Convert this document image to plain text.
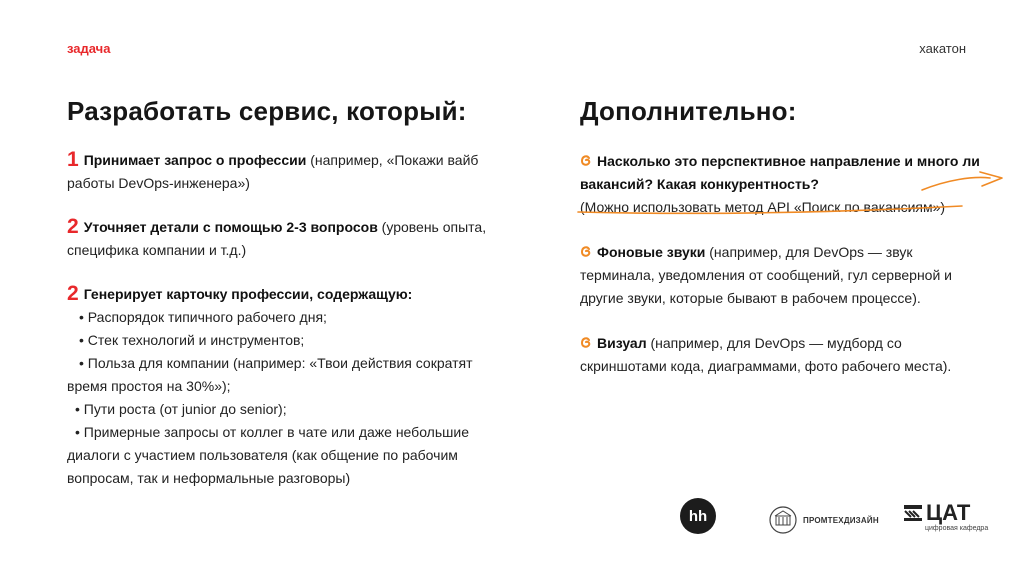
задача	хакатон
Разработать сервис, который:	Дополнительно:
1 Принимает запрос о профессии (например, «Покажи вайб работы DevOps-инженера»)
2 Уточняет детали с помощью 2-3 вопросов (уровень опыта, специфика компании и т.д.)
2 Генерирует карточку профессии, содержащую:
• Распорядок типичного рабочего дня;
• Стек технологий и инструментов;
• Польза для компании (например: «Твои действия сократят время простоя на 30%»);
• Пути роста (от junior до senior);
• Примерные запросы от коллег в чате или даже небольшие диалоги с участием пользователя (как общение по рабочим вопросам, так и неформальные разговоры)
Насколько это перспективное направление и много ли вакансий? Какая конкурентность?
(Можно использовать метод API «Поиск по вакансиям»)
Фоновые звуки (например, для DevOps — звук терминала, уведомления от сообщений, гул серверной и другие звуки, которые бывают в рабочем процессе).
Визуал (например, для DevOps — мудборд со скриншотами кода, диаграммами, фото рабочего места).
hh	ПРОМТЕХДИЗАЙН ЦАТ
цифровая кафедра
